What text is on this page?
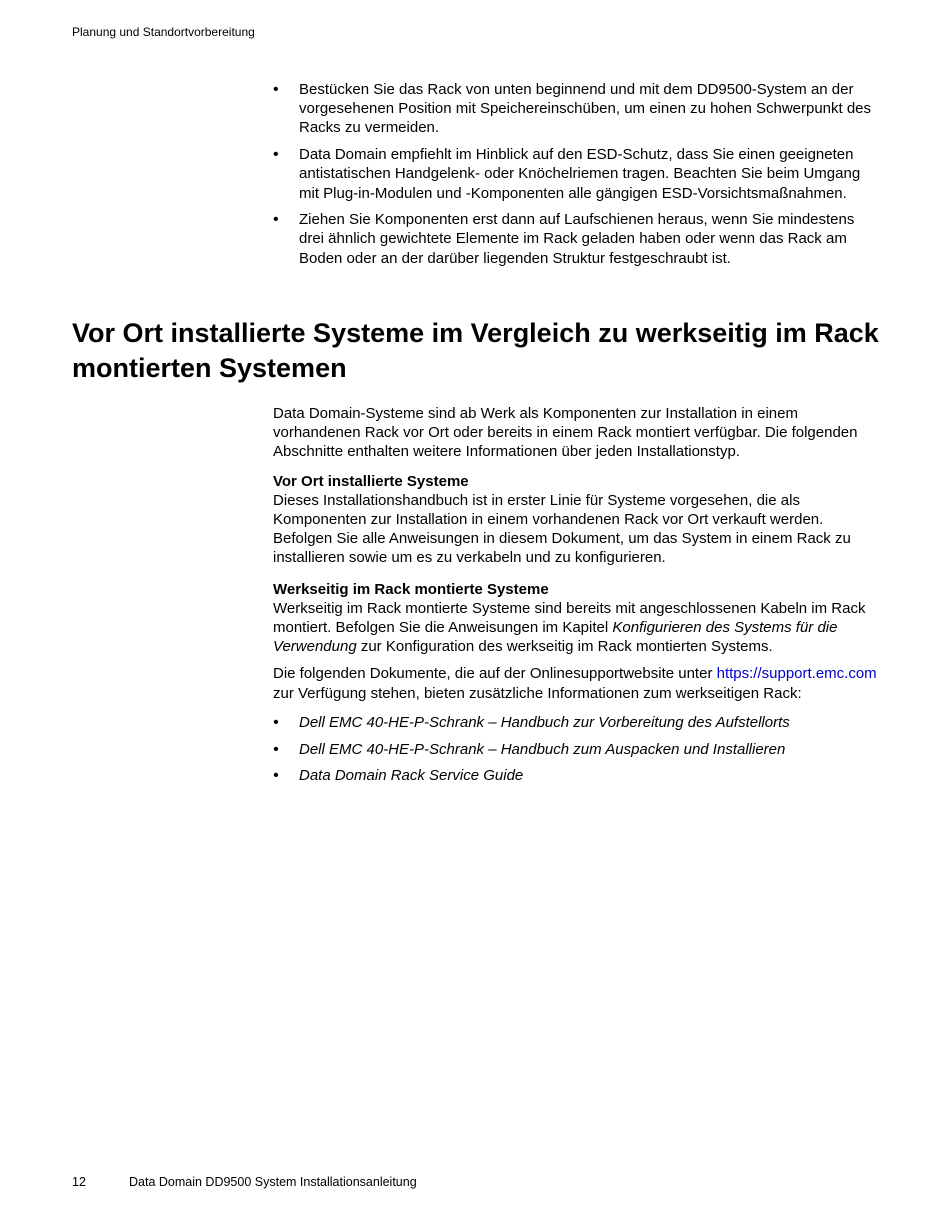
Planung und Standortvorbereitung
• Bestücken Sie das Rack von unten beginnend und mit dem DD9500-System an der vorgesehenen Position mit Speichereinschüben, um einen zu hohen Schwerpunkt des Racks zu vermeiden.
• Data Domain empfiehlt im Hinblick auf den ESD-Schutz, dass Sie einen geeigneten antistatischen Handgelenk- oder Knöchelriemen tragen. Beachten Sie beim Umgang mit Plug-in-Modulen und -Komponenten alle gängigen ESD-Vorsichtsmaßnahmen.
• Ziehen Sie Komponenten erst dann auf Laufschienen heraus, wenn Sie mindestens drei ähnlich gewichtete Elemente im Rack geladen haben oder wenn das Rack am Boden oder an der darüber liegenden Struktur festgeschraubt ist.
Vor Ort installierte Systeme im Vergleich zu werkseitig im Rack montierten Systemen

Data Domain-Systeme sind ab Werk als Komponenten zur Installation in einem vorhandenen Rack vor Ort oder bereits in einem Rack montiert verfügbar. Die folgenden Abschnitte enthalten weitere Informationen über jeden Installationstyp.

Vor Ort installierte Systeme

Dieses Installationshandbuch ist in erster Linie für Systeme vorgesehen, die als Komponenten zur Installation in einem vorhandenen Rack vor Ort verkauft werden. Befolgen Sie alle Anweisungen in diesem Dokument, um das System in einem Rack zu installieren sowie um es zu verkabeln und zu konfigurieren.

Werkseitig im Rack montierte Systeme

Werkseitig im Rack montierte Systeme sind bereits mit angeschlossenen Kabeln im Rack montiert. Befolgen Sie die Anweisungen im Kapitel Konfigurieren des Systems für die Verwendung zur Konfiguration des werkseitig im Rack montierten Systems.

Die folgenden Dokumente, die auf der Onlinesupportwebsite unter https://support.emc.com zur Verfügung stehen, bieten zusätzliche Informationen zum werkseitigen Rack:

• Dell EMC 40-HE-P-Schrank – Handbuch zur Vorbereitung des Aufstellorts
• Dell EMC 40-HE-P-Schrank – Handbuch zum Auspacken und Installieren
• Data Domain Rack Service Guide
12	Data Domain DD9500 System Installationsanleitung
